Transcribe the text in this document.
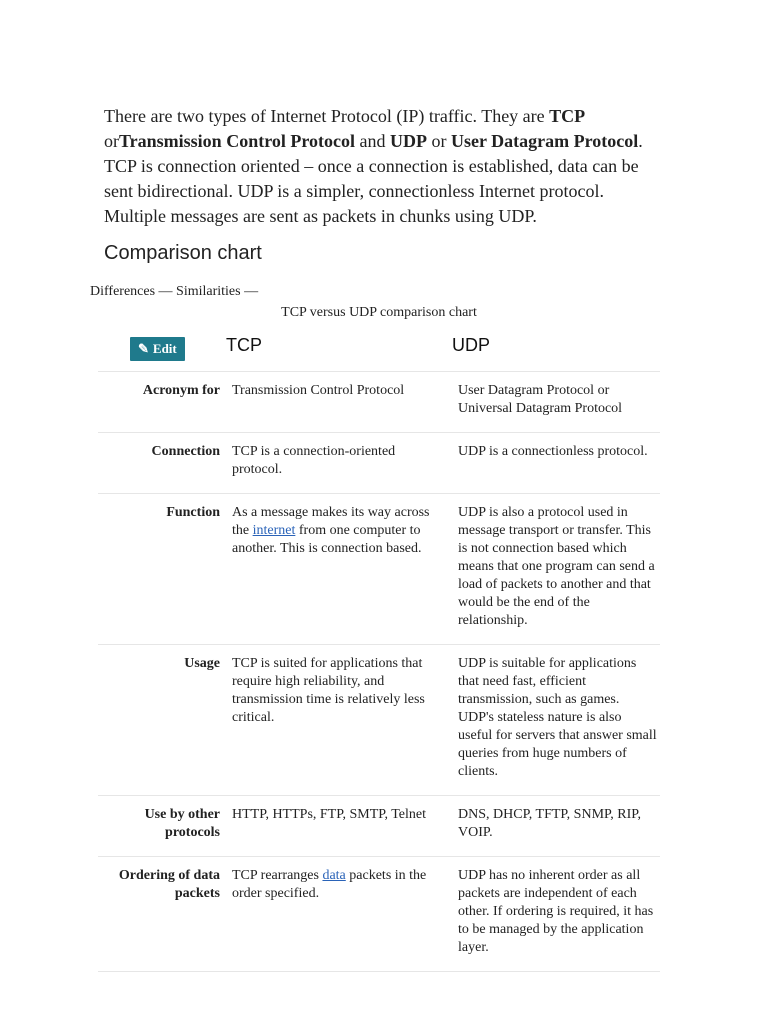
There are two types of Internet Protocol (IP) traffic. They are TCP orTransmission Control Protocol and UDP or User Datagram Protocol. TCP is connection oriented – once a connection is established, data can be sent bidirectional. UDP is a simpler, connectionless Internet protocol. Multiple messages are sent as packets in chunks using UDP.

Comparison chart
Differences — Similarities —
TCP versus UDP comparison chart
✎ Edit	TCP	UDP
Acronym for	Transmission Control Protocol	User Datagram Protocol or Universal Datagram Protocol
Connection	TCP is a connection-oriented protocol.	UDP is a connectionless protocol.
Function	As a message makes its way across the internet from one computer to another. This is connection based.	UDP is also a protocol used in message transport or transfer. This is not connection based which means that one program can send a load of packets to another and that would be the end of the relationship.
Usage	TCP is suited for applications that require high reliability, and transmission time is relatively less critical.	UDP is suitable for applications that need fast, efficient transmission, such as games. UDP's stateless nature is also useful for servers that answer small queries from huge numbers of clients.
Use by other protocols	HTTP, HTTPs, FTP, SMTP, Telnet	DNS, DHCP, TFTP, SNMP, RIP, VOIP.
Ordering of data packets	TCP rearranges data packets in the order specified.	UDP has no inherent order as all packets are independent of each other. If ordering is required, it has to be managed by the application layer.
